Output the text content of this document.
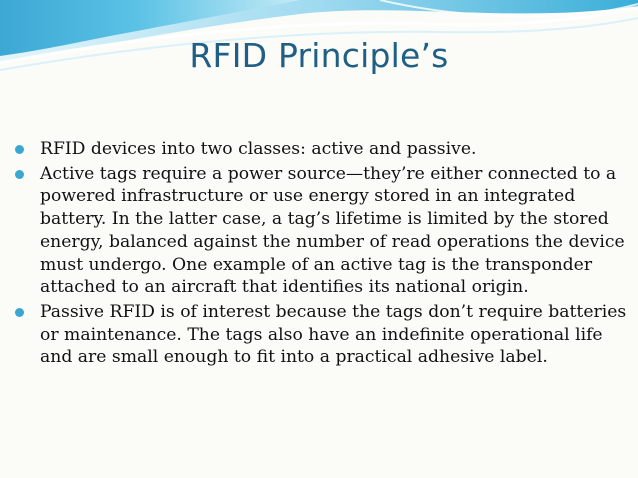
RFID Principle’s
RFID devices into two classes: active and passive.
Active tags require a power source—they’re either connected to a powered infrastructure or use energy stored in an integrated battery. In the latter case, a tag’s lifetime is limited by the stored energy, balanced against the number of read operations the device must undergo. One example of an active tag is the transponder attached to an aircraft that identifies its national origin.
Passive RFID is of interest because the tags don’t require batteries or maintenance. The tags also have an indefinite operational life and are small enough to fit into a practical adhesive label.
